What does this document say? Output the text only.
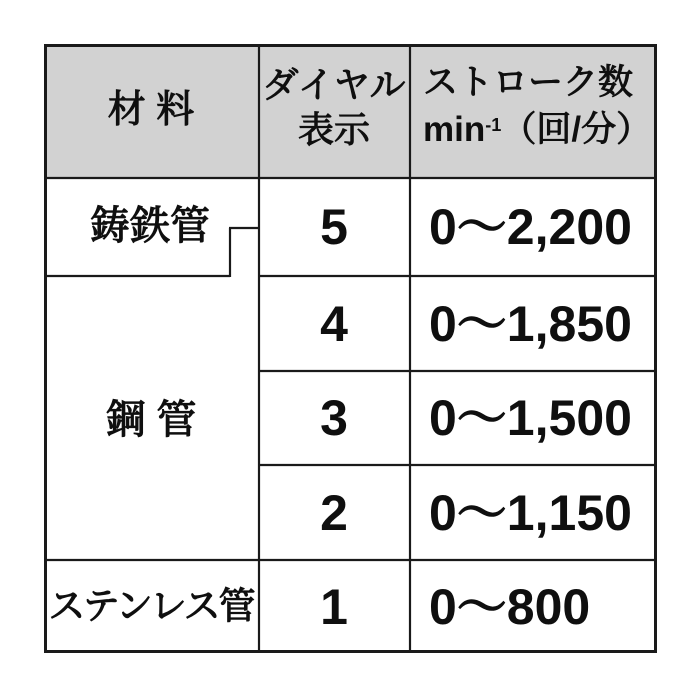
材 料
ダイヤル
表示
ストローク数
$\min^{-1}$（回/分）
鋳鉄管
鋼 管
ステンレス管
5
4
3
2
1
0～2,200
0～1,850
0～1,500
0～1,150
0～800
